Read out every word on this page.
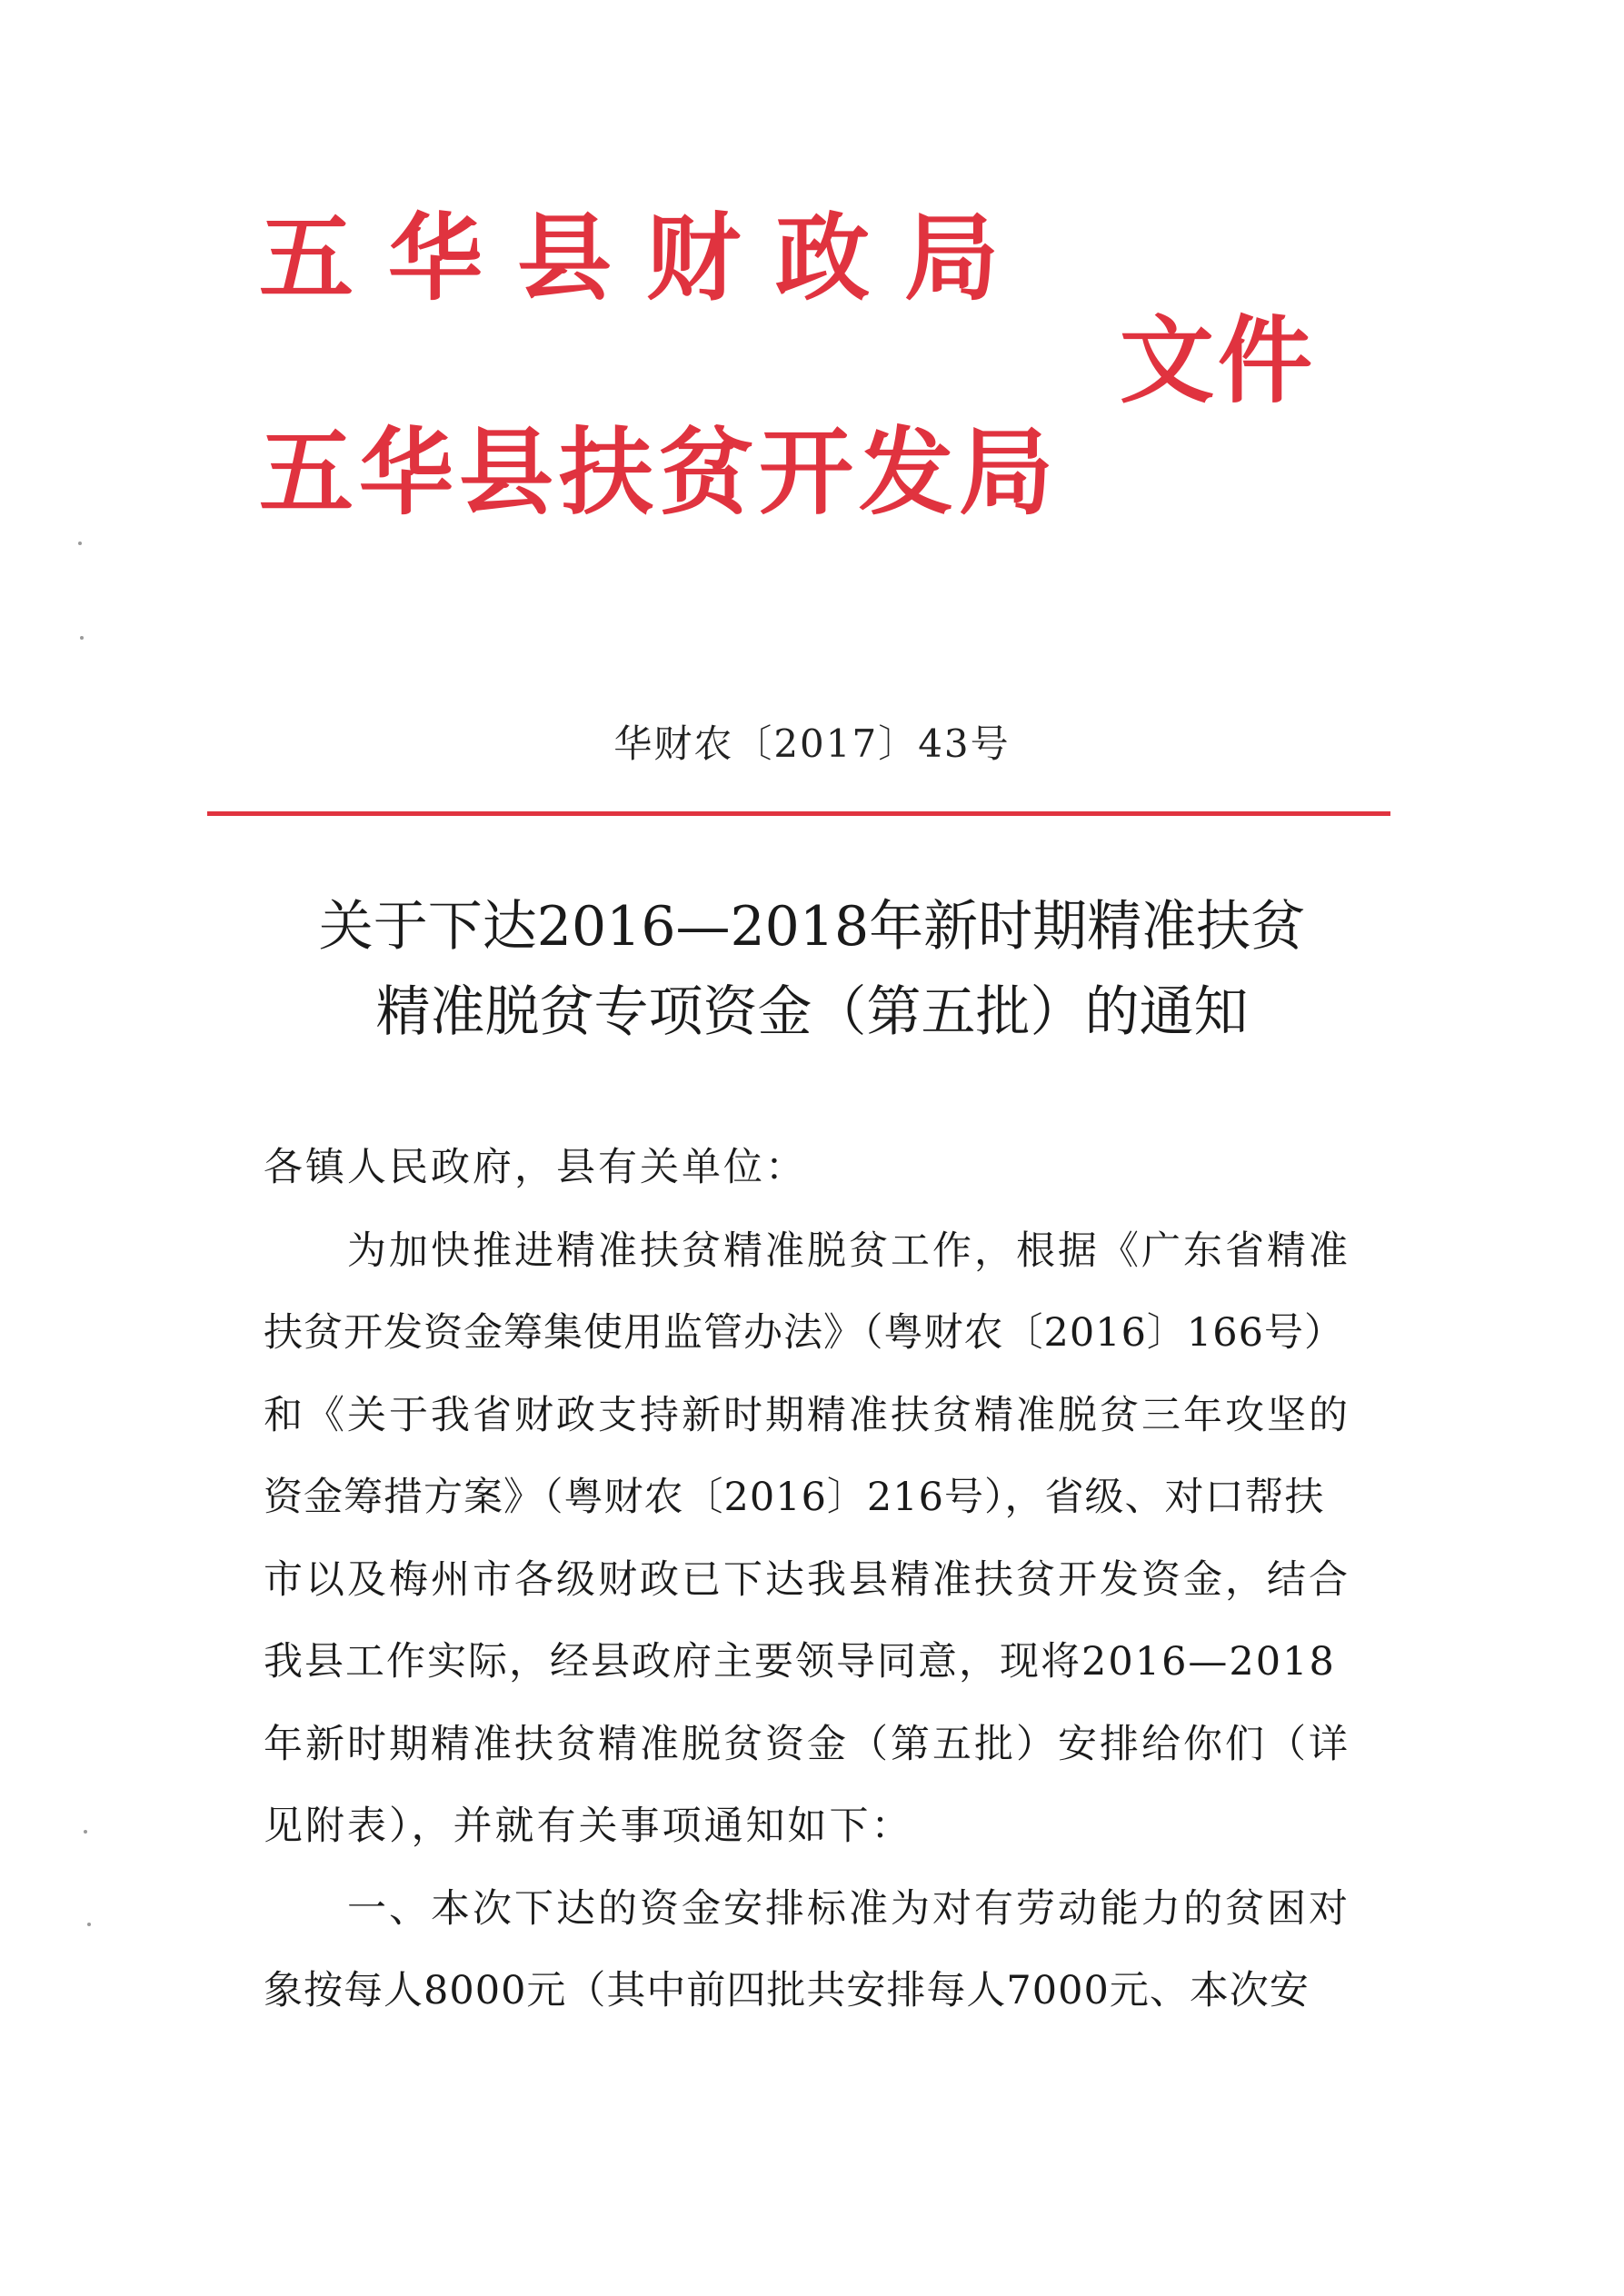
五华县财政局
文件
五华县扶贫开发局
华财农〔2017〕43号
关于下达2016—2018年新时期精准扶贫
精准脱贫专项资金（第五批）的通知
各镇人民政府，县有关单位：
为加快推进精准扶贫精准脱贫工作，根据《广东省精准
扶贫开发资金筹集使用监管办法》（粤财农〔2016〕166号）
和《关于我省财政支持新时期精准扶贫精准脱贫三年攻坚的
资金筹措方案》（粤财农〔2016〕216号），省级、对口帮扶
市以及梅州市各级财政已下达我县精准扶贫开发资金，结合
我县工作实际，经县政府主要领导同意，现将2016—2018
年新时期精准扶贫精准脱贫资金（第五批）安排给你们（详
见附表），并就有关事项通知如下：
一、本次下达的资金安排标准为对有劳动能力的贫困对
象按每人8000元（其中前四批共安排每人7000元、本次安
